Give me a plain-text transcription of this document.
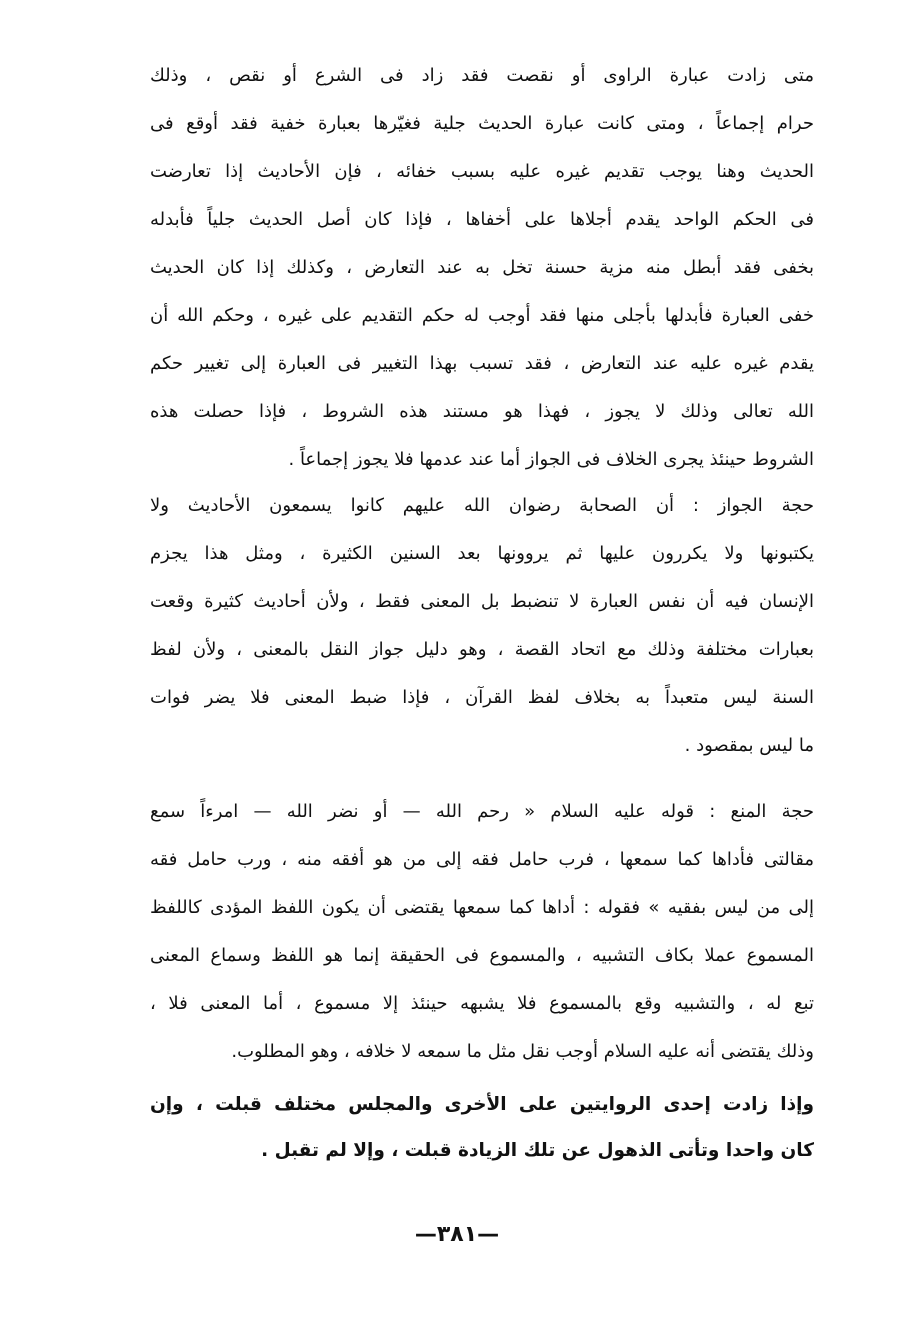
متى زادت عبارة الراوى أو نقصت فقد زاد فى الشرع أو نقص ، وذلك
حرام إجماعاً ، ومتى كانت عبارة الحديث جلية فغيّرها بعبارة خفية فقد أوقع فى
الحديث وهنا يوجب تقديم غيره عليه بسبب خفائه ، فإن الأحاديث إذا تعارضت
فى الحكم الواحد يقدم أجلاها على أخفاها ، فإذا كان أصل الحديث جلياً فأبدله
بخفى فقد أبطل منه مزية حسنة تخل به عند التعارض ، وكذلك إذا كان الحديث
خفى العبارة فأبدلها بأجلى منها فقد أوجب له حكم التقديم على غيره ، وحكم الله أن
يقدم غيره عليه عند التعارض ، فقد تسبب بهذا التغيير فى العبارة إلى تغيير حكم
الله تعالى وذلك لا يجوز ، فهذا هو مستند هذه الشروط ، فإذا حصلت هذه
الشروط حينئذ يجرى الخلاف فى الجواز أما عند عدمها فلا يجوز إجماعاً .
حجة الجواز : أن الصحابة رضوان الله عليهم كانوا يسمعون الأحاديث ولا
يكتبونها ولا يكررون عليها ثم يروونها بعد السنين الكثيرة ، ومثل هذا يجزم
الإنسان فيه أن نفس العبارة لا تنضبط بل المعنى فقط ، ولأن أحاديث كثيرة وقعت
بعبارات مختلفة وذلك مع اتحاد القصة ، وهو دليل جواز النقل بالمعنى ، ولأن لفظ
السنة ليس متعبداً به بخلاف لفظ القرآن ، فإذا ضبط المعنى فلا يضر فوات
ما ليس بمقصود .
حجة المنع : قوله عليه السلام « رحم الله — أو نضر الله — امرءاً سمع
مقالتى فأداها كما سمعها ، فرب حامل فقه إلى من هو أفقه منه ، ورب حامل فقه
إلى من ليس بفقيه » فقوله : أداها كما سمعها يقتضى أن يكون اللفظ المؤدى كاللفظ
المسموع عملا بكاف التشبيه ، والمسموع فى الحقيقة إنما هو اللفظ وسماع المعنى
تبع له ، والتشبيه وقع بالمسموع فلا يشبهه حينئذ إلا مسموع ، أما المعنى فلا ،
وذلك يقتضى أنه عليه السلام أوجب نقل مثل ما سمعه لا خلافه ، وهو المطلوب.
وإذا زادت إحدى الروايتين على الأخرى والمجلس مختلف قبلت ، وإن
كان واحدا وتأتى الذهول عن تلك الزيادة قبلت ، وإلا لم تقبل .
—٣٨١—
